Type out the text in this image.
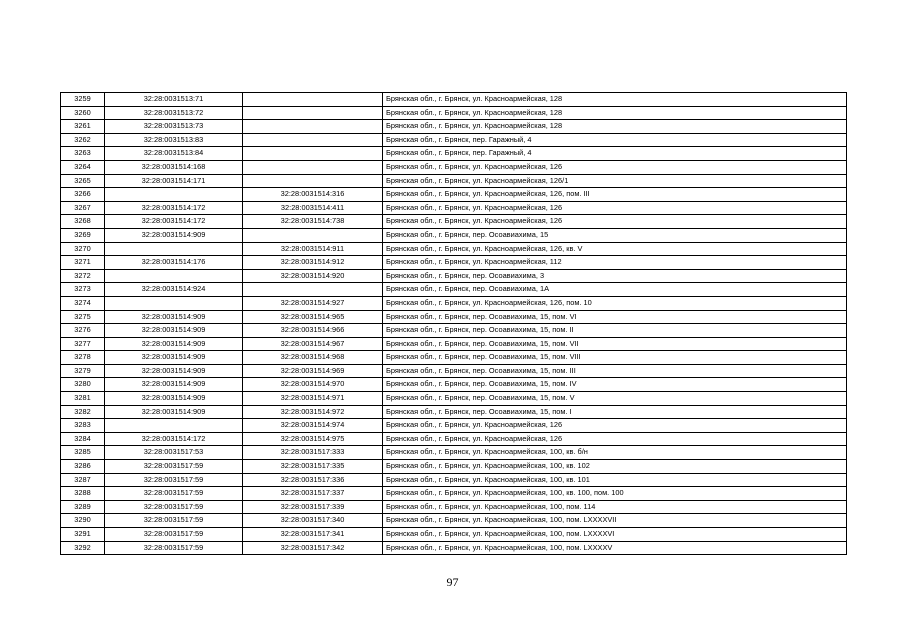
3259	32:28:0031513:71		Брянская обл., г. Брянск, ул. Красноармейская, 128
3260	32:28:0031513:72		Брянская обл., г. Брянск, ул. Красноармейская, 128
3261	32:28:0031513:73		Брянская обл., г. Брянск, ул. Красноармейская, 128
3262	32:28:0031513:83		Брянская обл., г. Брянск, пер. Гаражный, 4
3263	32:28:0031513:84		Брянская обл., г. Брянск, пер. Гаражный, 4
3264	32:28:0031514:168		Брянская обл., г. Брянск, ул. Красноармейская, 126
3265	32:28:0031514:171		Брянская обл., г. Брянск, ул. Красноармейская, 126/1
3266		32:28:0031514:316	Брянская обл., г. Брянск, ул. Красноармейская, 126, пом. III
3267	32:28:0031514:172	32:28:0031514:411	Брянская обл., г. Брянск, ул. Красноармейская, 126
3268	32:28:0031514:172	32:28:0031514:738	Брянская обл., г. Брянск, ул. Красноармейская, 126
3269	32:28:0031514:909		Брянская обл., г. Брянск, пер. Осоавиахима, 15
3270		32:28:0031514:911	Брянская обл., г. Брянск, ул. Красноармейская, 126, кв. V
3271	32:28:0031514:176	32:28:0031514:912	Брянская обл., г. Брянск, ул. Красноармейская, 112
3272		32:28:0031514:920	Брянская обл., г. Брянск, пер. Осоавиахима, 3
3273	32:28:0031514:924		Брянская обл., г. Брянск, пер. Осоавиахима, 1А
3274		32:28:0031514:927	Брянская обл., г. Брянск, ул. Красноармейская, 126, пом. 10
3275	32:28:0031514:909	32:28:0031514:965	Брянская обл., г. Брянск, пер. Осоавиахима, 15, пом. VI
3276	32:28:0031514:909	32:28:0031514:966	Брянская обл., г. Брянск, пер. Осоавиахима, 15, пом. II
3277	32:28:0031514:909	32:28:0031514:967	Брянская обл., г. Брянск, пер. Осоавиахима, 15, пом. VII
3278	32:28:0031514:909	32:28:0031514:968	Брянская обл., г. Брянск, пер. Осоавиахима, 15, пом. VIII
3279	32:28:0031514:909	32:28:0031514:969	Брянская обл., г. Брянск, пер. Осоавиахима, 15, пом. III
3280	32:28:0031514:909	32:28:0031514:970	Брянская обл., г. Брянск, пер. Осоавиахима, 15, пом. IV
3281	32:28:0031514:909	32:28:0031514:971	Брянская обл., г. Брянск, пер. Осоавиахима, 15, пом. V
3282	32:28:0031514:909	32:28:0031514:972	Брянская обл., г. Брянск, пер. Осоавиахима, 15, пом. I
3283		32:28:0031514:974	Брянская обл., г. Брянск, ул. Красноармейская, 126
3284	32:28:0031514:172	32:28:0031514:975	Брянская обл., г. Брянск, ул. Красноармейская, 126
3285	32:28:0031517:53	32:28:0031517:333	Брянская обл., г. Брянск, ул. Красноармейская, 100, кв. б/н
3286	32:28:0031517:59	32:28:0031517:335	Брянская обл., г. Брянск, ул. Красноармейская, 100, кв. 102
3287	32:28:0031517:59	32:28:0031517:336	Брянская обл., г. Брянск, ул. Красноармейская, 100, кв. 101
3288	32:28:0031517:59	32:28:0031517:337	Брянская обл., г. Брянск, ул. Красноармейская, 100, кв. 100, пом. 100
3289	32:28:0031517:59	32:28:0031517:339	Брянская обл., г. Брянск, ул. Красноармейская, 100, пом. 114
3290	32:28:0031517:59	32:28:0031517:340	Брянская обл., г. Брянск, ул. Красноармейская, 100, пом. LXXXXVII
3291	32:28:0031517:59	32:28:0031517:341	Брянская обл., г. Брянск, ул. Красноармейская, 100, пом. LXXXXVI
3292	32:28:0031517:59	32:28:0031517:342	Брянская обл., г. Брянск, ул. Красноармейская, 100, пом. LXXXXV
97
